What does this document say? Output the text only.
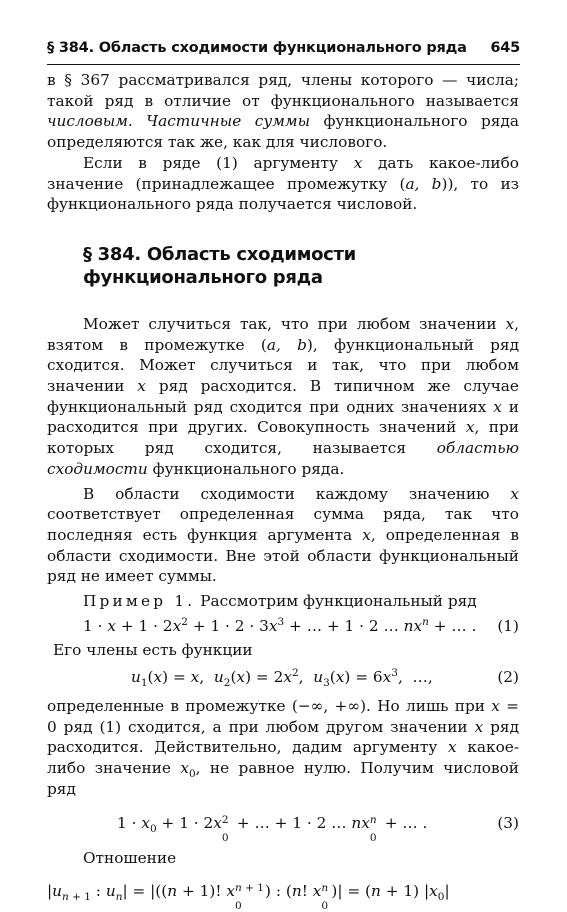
§ 384. Область сходимости функционального ряда 645

в § 367 рассматривался ряд, члены которого — числа; такой ряд в отличие от функционального называется числовым. Частичные суммы функционального ряда определяются так же, как для числового.

Если в ряде (1) аргументу x дать какое-либо значение (принадлежащее промежутку (a, b)), то из функционального ряда получается числовой.

§ 384. Область сходимости
функционального ряда

Может случиться так, что при любом значении x, взятом в промежутке (a, b), функциональный ряд сходится. Может случиться и так, что при любом значении x ряд расходится. В типичном же случае функциональный ряд сходится при одних значениях x и расходится при других. Совокупность значений x, при которых ряд сходится, называется областью сходимости функционального ряда.

В области сходимости каждому значению x соответствует определенная сумма ряда, так что последняя есть функция аргумента x, определенная в области сходимости. Вне этой области функциональный ряд не имеет суммы.

Пример 1. Рассмотрим функциональный ряд

$1 \cdot x + 1 \cdot 2x^2 + 1 \cdot 2 \cdot 3x^3$ + … + 1 · 2 … $nx^n$ + … . (1)

Его члены есть функции

$u_1(x) = x$,  $u_2(x) = 2x^2$,  $u_3(x) = 6x^3$,  …,	(2)

определенные в промежутке (−∞, +∞). Но лишь при x = 0 ряд (1) сходится, а при любом другом значении x ряд расходится. Действительно, дадим аргументу x какое-либо значение $x_0$, не равное нулю. Получим числовой ряд

$1 \cdot x_0 + 1 \cdot 2x$ 2
0
+ … + 1 · 2 … nx n
0
+ … .	(3)

Отношение

$|u_{n + 1}$ : $u_n| = |((n + 1)$! x n + 1
0
) : (n! x n
0
)| = (n + 1) $|x_0|$
